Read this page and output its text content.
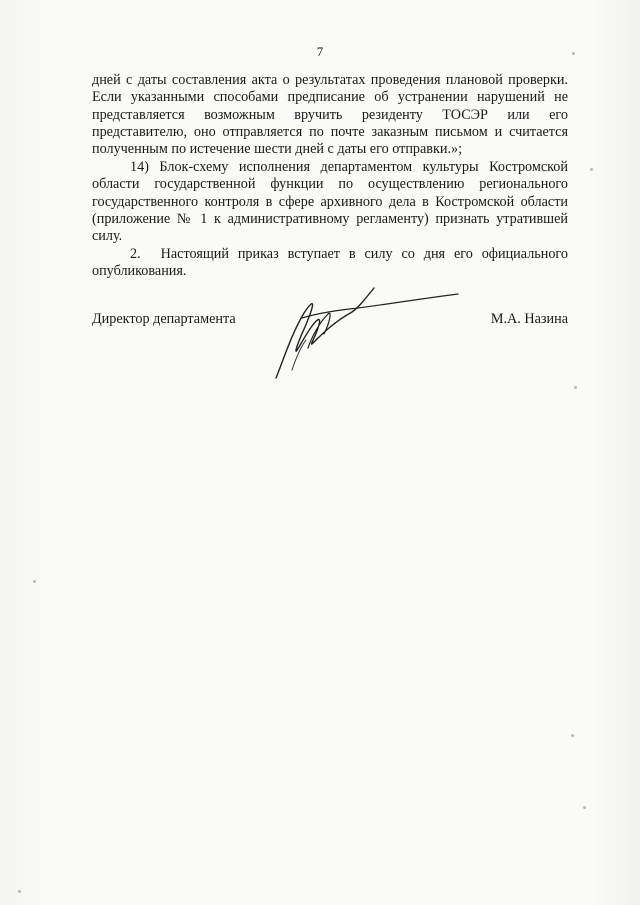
7

дней с даты составления акта о результатах проведения плановой проверки. Если указанными способами предписание об устранении нарушений не представляется возможным вручить резиденту ТОСЭР или его представителю, оно отправляется по почте заказным письмом и считается полученным по истечение шести дней с даты его отправки.»;

14) Блок-схему исполнения департаментом культуры Костромской области государственной функции по осуществлению регионального государственного контроля в сфере архивного дела в Костромской области (приложение № 1 к административному регламенту) признать утратившей силу.

2. Настоящий приказ вступает в силу со дня его официального опубликования.

Директор департамента	М.А. Назина
